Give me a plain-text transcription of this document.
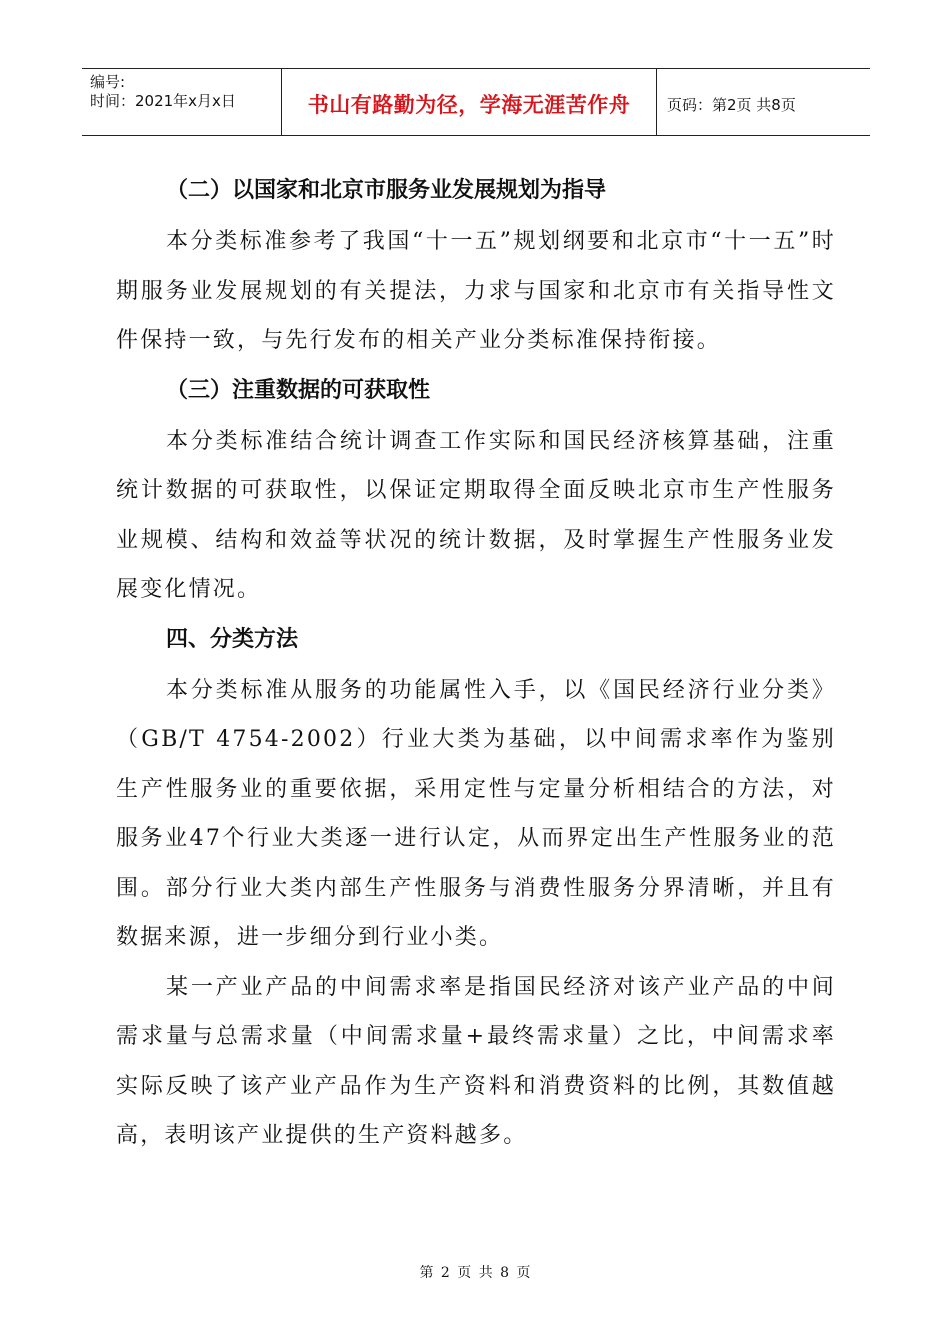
编号:
时间：2021年x月x日	书山有路勤为径，学海无涯苦作舟	页码：第2页 共8页
（二）以国家和北京市服务业发展规划为指导

本分类标准参考了我国“十一五”规划纲要和北京市“十一五”时期服务业发展规划的有关提法，力求与国家和北京市有关指导性文件保持一致，与先行发布的相关产业分类标准保持衔接。

（三）注重数据的可获取性

本分类标准结合统计调查工作实际和国民经济核算基础，注重统计数据的可获取性，以保证定期取得全面反映北京市生产性服务业规模、结构和效益等状况的统计数据，及时掌握生产性服务业发展变化情况。

四、分类方法

本分类标准从服务的功能属性入手，以《国民经济行业分类》（GB/T 4754-2002）行业大类为基础，以中间需求率作为鉴别生产性服务业的重要依据，采用定性与定量分析相结合的方法，对服务业47个行业大类逐一进行认定，从而界定出生产性服务业的范围。部分行业大类内部生产性服务与消费性服务分界清晰，并且有数据来源，进一步细分到行业小类。

某一产业产品的中间需求率是指国民经济对该产业产品的中间需求量与总需求量（中间需求量+最终需求量）之比，中间需求率实际反映了该产业产品作为生产资料和消费资料的比例，其数值越高，表明该产业提供的生产资料越多。

第 2 页 共 8 页
